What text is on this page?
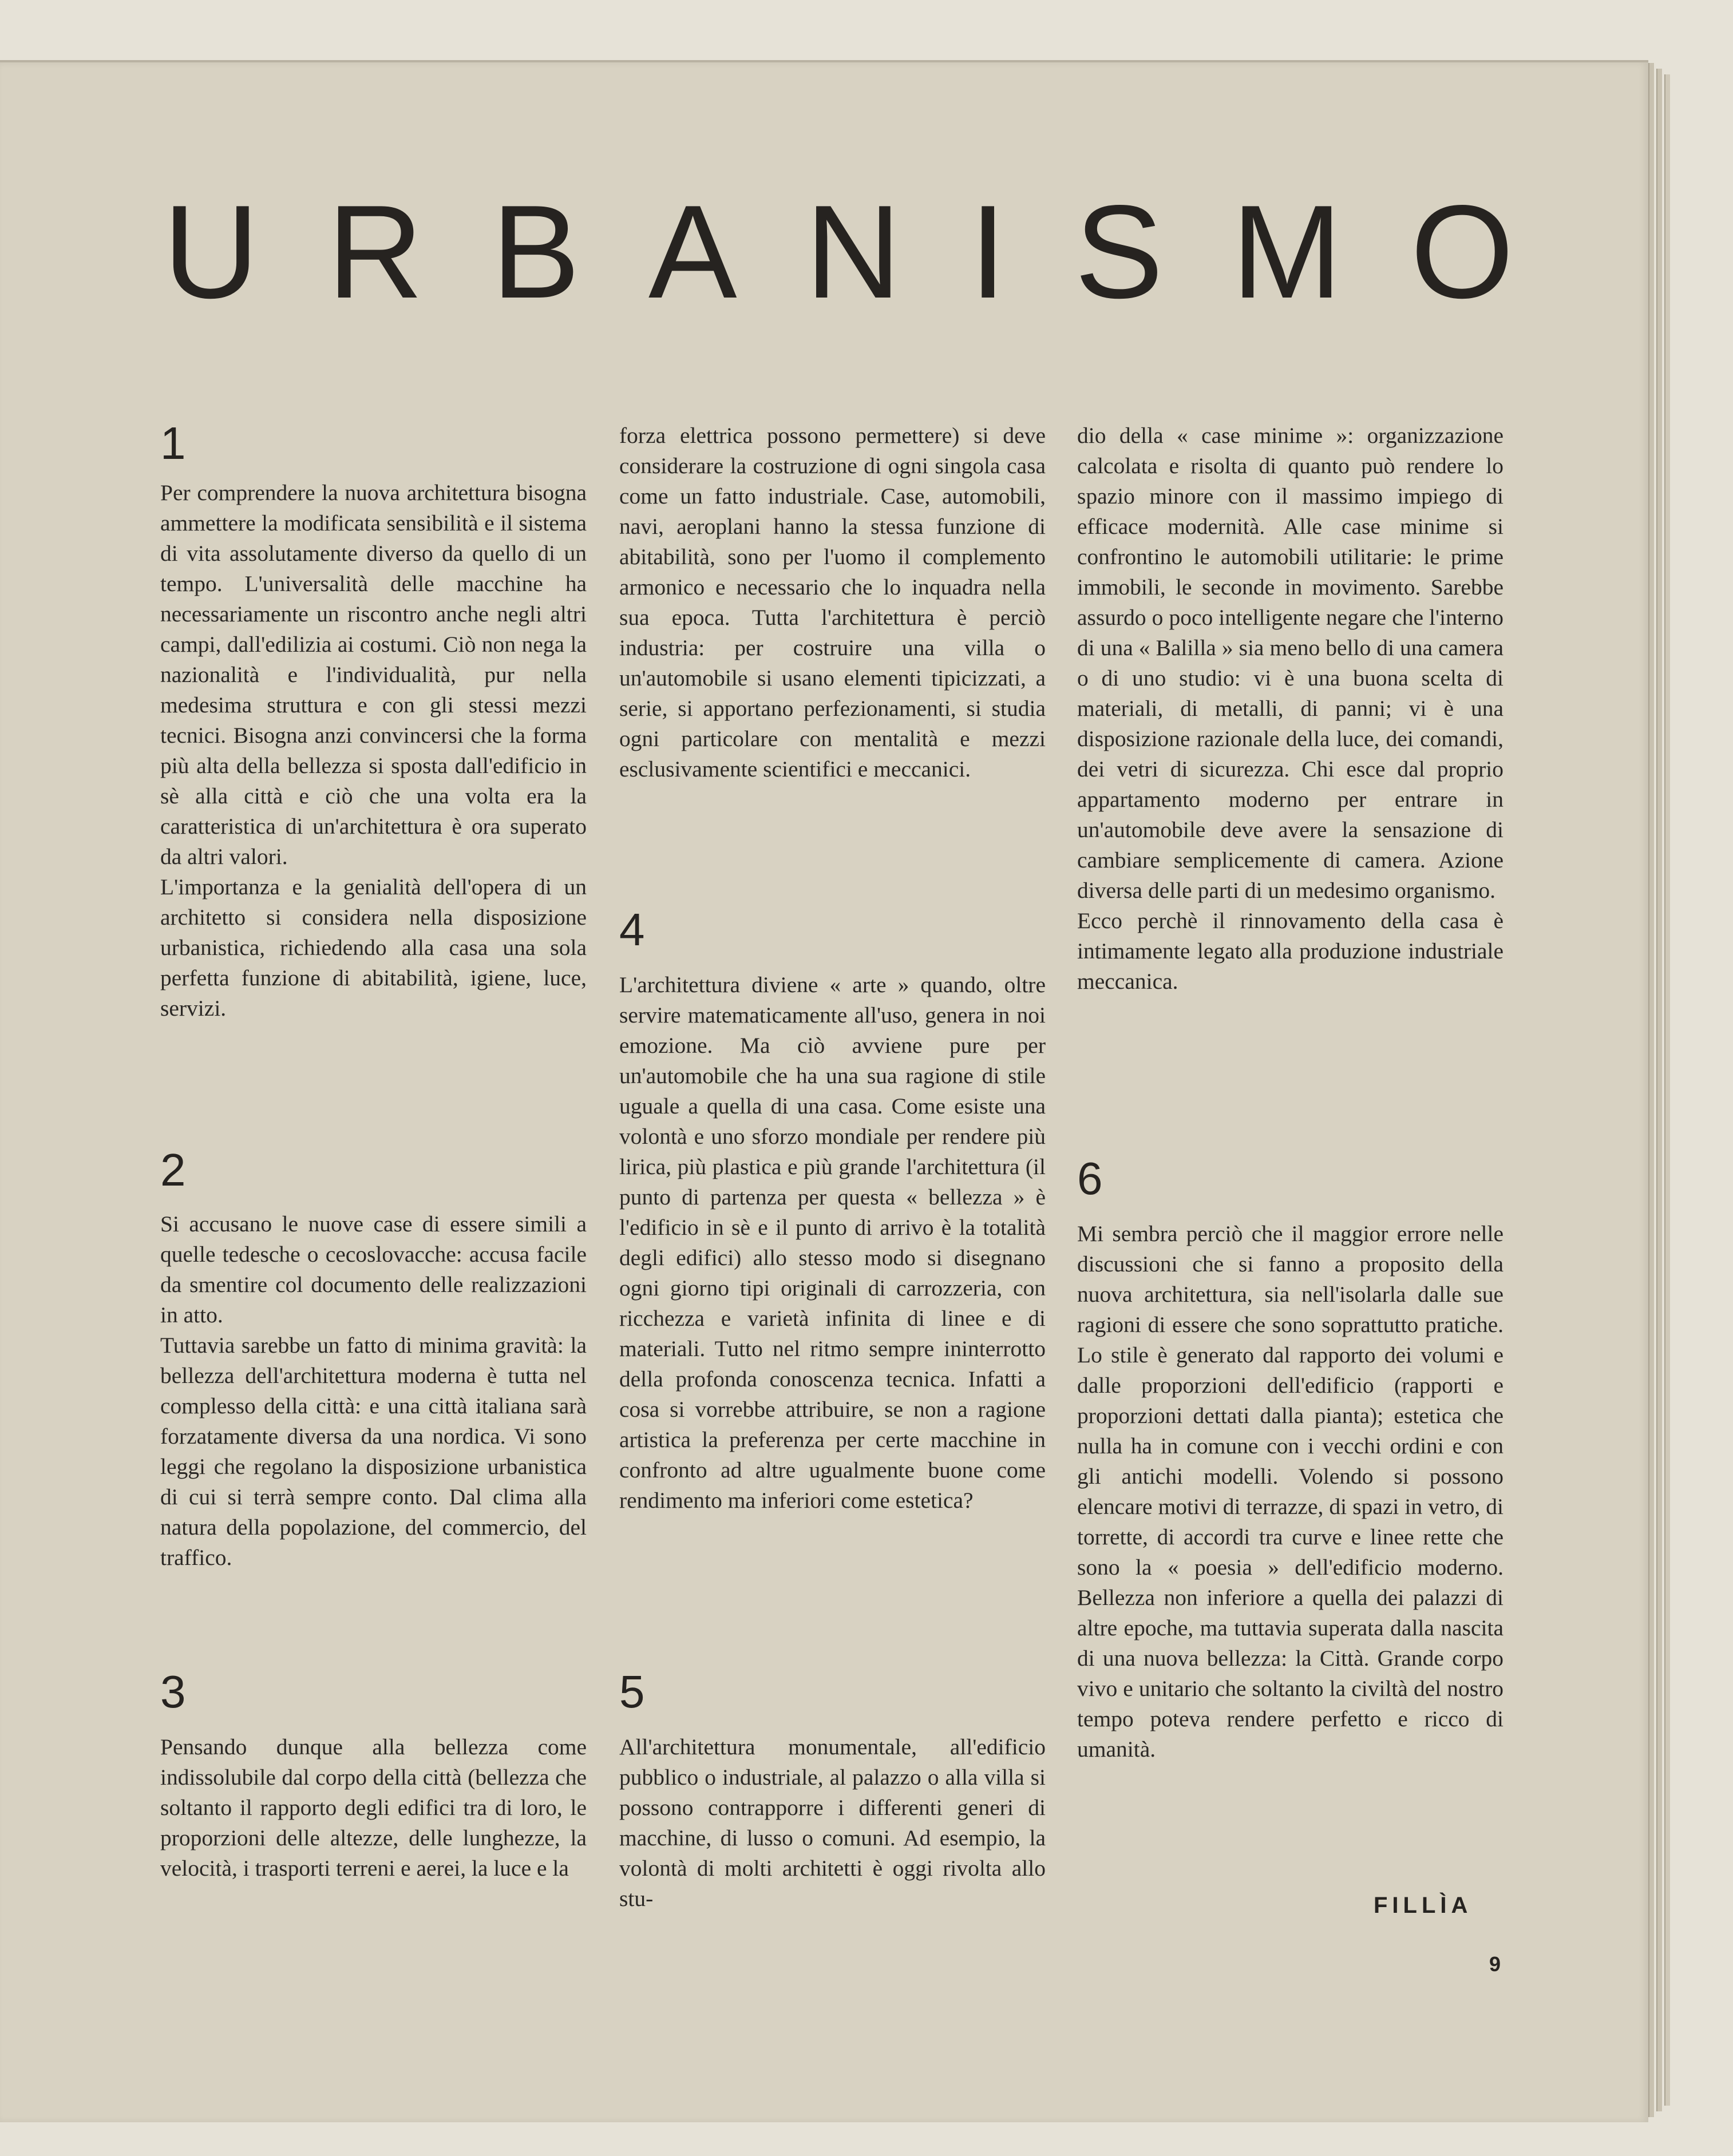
U R B A N I S M O
1

Per comprendere la nuova architettura bisogna ammettere la modificata sensibilità e il sistema di vita assolutamente diverso da quello di un tempo. L'universalità delle macchine ha necessariamente un riscontro anche negli altri campi, dall'edilizia ai costumi. Ciò non nega la nazionalità e l'individualità, pur nella medesima struttura e con gli stessi mezzi tecnici. Bisogna anzi convincersi che la forma più alta della bellezza si sposta dall'edificio in sè alla città e ciò che una volta era la caratteristica di un'architettura è ora superato da altri valori.

L'importanza e la genialità dell'opera di un architetto si considera nella disposizione urbanistica, richiedendo alla casa una sola perfetta funzione di abitabilità, igiene, luce, servizi.

2

Si accusano le nuove case di essere simili a quelle tedesche o cecoslovacche: accusa facile da smentire col documento delle realizzazioni in atto.

Tuttavia sarebbe un fatto di minima gravità: la bellezza dell'architettura moderna è tutta nel complesso della città: e una città italiana sarà forzatamente diversa da una nordica. Vi sono leggi che regolano la disposizione urbanistica di cui si terrà sempre conto. Dal clima alla natura della popolazione, del commercio, del traffico.

3

Pensando dunque alla bellezza come indissolubile dal corpo della città (bellezza che soltanto il rapporto degli edifici tra di loro, le proporzioni delle altezze, delle lunghezze, la velocità, i trasporti terreni e aerei, la luce e la

forza elettrica possono permettere) si deve considerare la costruzione di ogni singola casa come un fatto industriale. Case, automobili, navi, aeroplani hanno la stessa funzione di abitabilità, sono per l'uomo il complemento armonico e necessario che lo inquadra nella sua epoca. Tutta l'architettura è perciò industria: per costruire una villa o un'automobile si usano elementi tipicizzati, a serie, si apportano perfezionamenti, si studia ogni particolare con mentalità e mezzi esclusivamente scientifici e meccanici.

4

L'architettura diviene « arte » quando, oltre servire matematicamente all'uso, genera in noi emozione. Ma ciò avviene pure per un'automobile che ha una sua ragione di stile uguale a quella di una casa. Come esiste una volontà e uno sforzo mondiale per rendere più lirica, più plastica e più grande l'architettura (il punto di partenza per questa « bellezza » è l'edificio in sè e il punto di arrivo è la totalità degli edifici) allo stesso modo si disegnano ogni giorno tipi originali di carrozzeria, con ricchezza e varietà infinita di linee e di materiali. Tutto nel ritmo sempre ininterrotto della profonda conoscenza tecnica. Infatti a cosa si vorrebbe attribuire, se non a ragione artistica la preferenza per certe macchine in confronto ad altre ugualmente buone come rendimento ma inferiori come estetica?

5

All'architettura monumentale, all'edificio pubblico o industriale, al palazzo o alla villa si possono contrapporre i differenti generi di macchine, di lusso o comuni. Ad esempio, la volontà di molti architetti è oggi rivolta allo stu-

dio della « case minime »: organizzazione calcolata e risolta di quanto può rendere lo spazio minore con il massimo impiego di efficace modernità. Alle case minime si confrontino le automobili utilitarie: le prime immobili, le seconde in movimento. Sarebbe assurdo o poco intelligente negare che l'interno di una « Balilla » sia meno bello di una camera o di uno studio: vi è una buona scelta di materiali, di metalli, di panni; vi è una disposizione razionale della luce, dei comandi, dei vetri di sicurezza. Chi esce dal proprio appartamento moderno per entrare in un'automobile deve avere la sensazione di cambiare semplicemente di camera. Azione diversa delle parti di un medesimo organismo.

Ecco perchè il rinnovamento della casa è intimamente legato alla produzione industriale meccanica.

6

Mi sembra perciò che il maggior errore nelle discussioni che si fanno a proposito della nuova architettura, sia nell'isolarla dalle sue ragioni di essere che sono soprattutto pratiche. Lo stile è generato dal rapporto dei volumi e dalle proporzioni dell'edificio (rapporti e proporzioni dettati dalla pianta); estetica che nulla ha in comune con i vecchi ordini e con gli antichi modelli. Volendo si possono elencare motivi di terrazze, di spazi in vetro, di torrette, di accordi tra curve e linee rette che sono la « poesia » dell'edificio moderno. Bellezza non inferiore a quella dei palazzi di altre epoche, ma tuttavia superata dalla nascita di una nuova bellezza: la Città. Grande corpo vivo e unitario che soltanto la civiltà del nostro tempo poteva rendere perfetto e ricco di umanità.

FILLÌA
9
